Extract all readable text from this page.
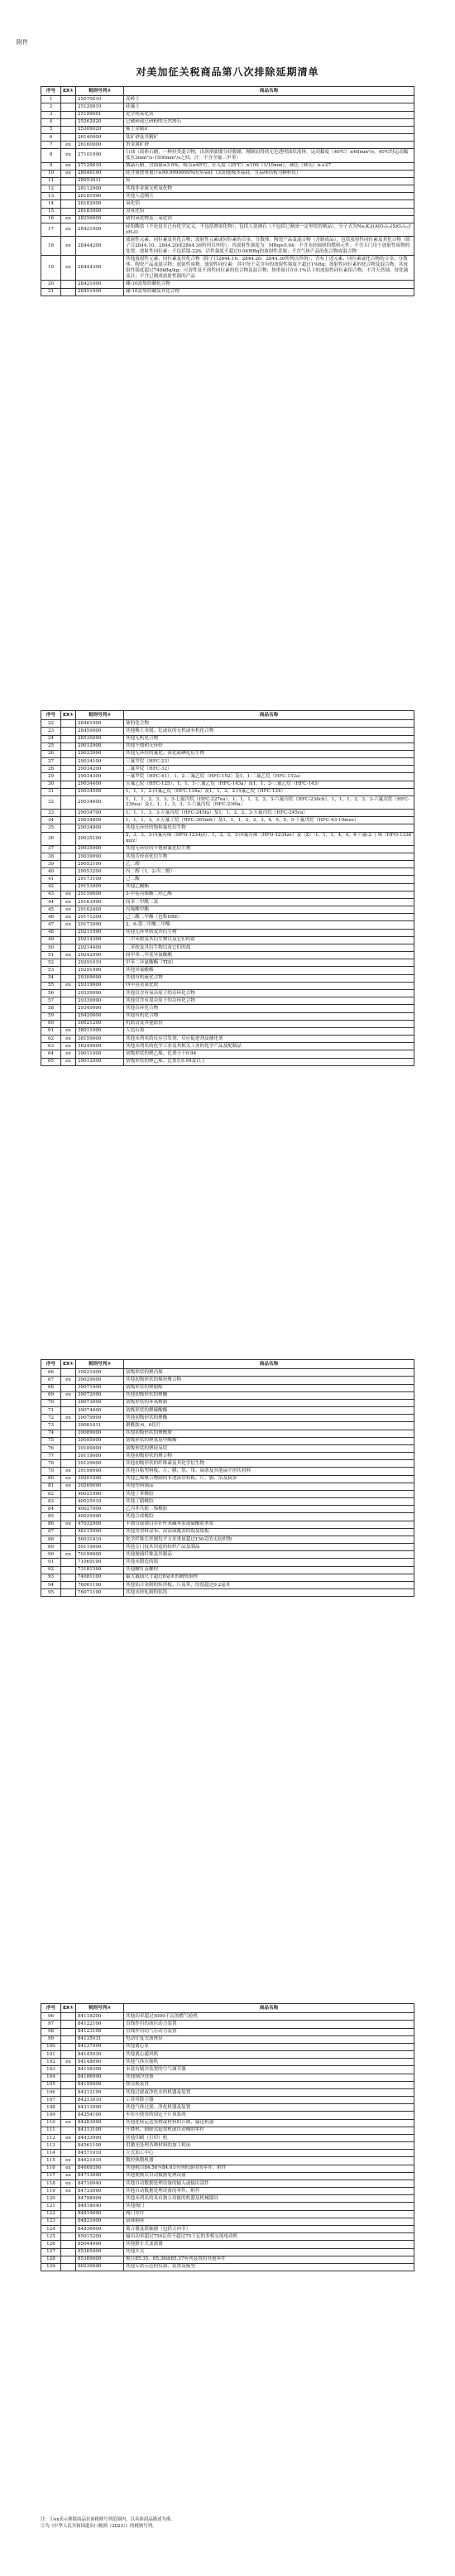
附件
对美加征关税商品第八次排除延期清单
序号	EX①	税则号列②	商品名称
1		25070010	高岭土
2		25120010	硅藻土
3		25199091	化学纯氧化镁
4		25262020	已破碎或已研粉的天然滑石
5		25309020	稀土金属矿
6		26140000	钛矿砂及其精矿
7	ex	26160000	贵金属矿砂
8	ex	27101990	白油（液体石蜡，一种烃类混合物，由润滑油馏分经脱蜡、精制而得的无色透明油状液体，运动黏度（40℃）≥68mm²/s，40℃时运动黏度在3mm²/s-1500mm²/s之间，注：不含全氟二甲苯）
9	ex	27129010	微晶石蜡，含油量≤3.0%，熔点≥65℃，针入度（25℃）≤100（1/10mm），颜色（赛氏）≥+27
10	ex	28046190	硅含量按重量计≥99.9999999%的多晶硅（太阳能级多晶硅，且晶体结构为颗粒状）
11		28053011	钕
12		28112900	其他非金属无机氧化物
13		28181090	其他人造刚玉
14		28182000	氧化铝
15		28183000	氢氧化铝
16	ex	28256000	锗的氧化物及二氧化锆
17	ex	28421000	硅铝酸盐（不论是否已有化学定义，不包括叠氮化物），包括人造沸石（不包括已制成一定形状的制品），分子式为NaₓKᵧ[(AlO₂)₁₂(SiO₂)₁₂]·zH₂O
18	ex	28444200	放射性元素、同位素及其化合物；放射性元素或同位素的合金、分散体、陶瓷产品及混合物（含制成品），包括放射性同位素及其化合物（除子目2844.10、2844.20或2844.30所列以外的），其放射性强度为：MBq≥0.04；不含未经辐照的燃料元件；不含专门用于放射性废物的处置。放射性同位素：不包括镭-226，活性强度不超过0.04MBq的放射性金属；不含气体产品的化合物或混合物
19	ex	28444300	其他放射性元素、同位素及其化合物（除子目2844.10、2844.20、2844.30所列以外的）；含有上述元素、同位素或化合物的合金、分散体、陶瓷产品及混合物；放射性废物。放射性同位素：其中每千克含有的放射性强度不超过1%Bq；放射性同位素的化合物及混合物，其放射性强度超过740kBq/kg；可溶性及不溶性同位素的化合物及混合物；按重量计在0.1%以下的放射性同位素组合物；不含天然铀、贫化铀及钍；不含已制成放射性源的产品
20		28421000	硼-10富集的硼化合物
21		28451000	硼-10富集的硼及其化合物
序号	EX①	税则号列②	商品名称
22		28461000	铈的化合物
23		28459000	其他稀土金属、钇或钪的无机或有机化合物
24		28530090	其他无机化合物
25		29012900	其他不饱和无环烃
26		29033990	其他无环烃的氟化、溴化或碘化衍生物
27		29034100	三氟甲烷（HFC-23）
28		29034200	二氟甲烷（HFC-32）
29		29034300	一氟甲烷（HFC-41），1，2-二氟乙烷（HFC-152）及1，1-二氟乙烷（HFC-152a）
30		29034400	五氟乙烷（HFC-125），1，1，1-三氟乙烷（HFC-143a）及1，1，2-三氟乙烷（HFC-143）
31		29034500	1，1，1，2-四氟乙烷（HFC-134a）及1，1，2，2-四氟乙烷（HFC-134）
32		29034600	1，1，1，2，3，3，3-七氟丙烷（HFC-227ea），1，1，1，2，2，3-六氟丙烷（HFC-236cb），1，1，1，2，3，3-六氟丙烷（HFC-236ea）及1，1，1，3，3，3-六氟丙烷（HFC-236fa）
33		29034700	1，1，1，3，3-五氟丙烷（HFC-245fa）及1，1，2，2，3-五氟丙烷（HFC-245ca）
34		29034800	1，1，1，3，3-五氟丁烷（HFC-365mfc）及1，1，1，2，2，3，4，5，5，5-十氟戊烷（HFC-43-10mee）
35		29034900	其他无环烃的饱和氟化衍生物
36		29035100	2，3，3，3-四氟丙烯（HFO-1234yf），1，3，3，3-四氟丙烯（HFO-1234ze）及（Z）-1，1，1，4，4，4-六氟-2-丁烯（HFO-1336mzz）
37		29035900	其他无环烃的不饱和氟化衍生物
38		29039990	其他芳烃卤化衍生物
39		29053100	乙二醇
40		29053200	丙二醇（1，2-丙二醇）
41		29173100	己二酸
42		29153900	其他乙酸酯
43	ex	29159000	3-甲基丙烯酸二羟乙酯
44	ex	29163990	间苯二甲酰二氯
45	ex	29162400	丙烯酸甲酯
46	ex	29171200	己二酸二甲酯（也称DBE）
47	ex	29173990	2，6-萘二甲酸二甲酯
48		29211990	其他无环单胺及其衍生物
49		29214300	二甲苯胺及其衍生物以及它们的盐
50		29214400	二苯胺及其衍生物以及它们的盐
51	ex	29242990	间甲苯二甲基异氰酸酯
52		29291010	甲苯二异氰酸酯（TDI）
53		29291090	其他异氰酸酯
54		29309090	其他有机硫化合物
55	ex	29319000	四甲基氢氧化铵
56		29329990	其他仅含有氧杂原子的杂环化合物
57		29339990	其他仅含有氮杂原子的杂环化合物
58		29349990	其他杂环化合物
59		29420000	其他有机化合物
60		30021200	抗血清及其他血份
61	ex	38011000	人造石墨
62	ex	38159000	其他未列名的反应引发剂、反应促进剂及催化剂
63	ex	38249999	其他未列名的化学工业及其相关工业的化学产品及配制品
64	ex	39011000	初级形状的聚乙烯，比重小于0.94
65	ex	39012000	初级形状的聚乙烯，比重在0.94及以上
序号	EX①	税则号列②	商品名称
66		39021000	初级形状的聚丙烯
67	ex	39029000	其他初级形状的烯烃聚合物
68		39071000	初级形状的聚缩醛
69	ex	39072090	其他初级形状的聚醚
70		39073000	初级形状的环氧树脂
71		39074000	初级形状的聚碳酸酯
72	ex	39079999	其他初级形状的聚酯
73		39081011	聚酰胺-6，6切片
74		39089000	其他初级形状的聚酰胺
75		39095000	初级形状的聚氨基甲酸酯
76		39100000	初级形状的聚硅氧烷
77		39119000	其他初级形状的聚合物
78		39129000	其他初级形状的纤维素及其化学衍生物
79	ex	39199090	其他自粘塑料板、片、膜、箔、带、扁条及其他扁平形状材料
80	ex	39201090	其他乙烯聚合物制的非泡沫塑料板、片、膜、箔及扁条
81	ex	39269090	其他塑料制品
82		40021990	其他丁苯橡胶
83		40025910	其他丁腈橡胶
84		40027000	乙丙非共轭二烯橡胶
85		40029990	其他合成橡胶
86	ex	47032900	半漂白或漂白非针叶木碱木浆或硫酸盐木浆
87		48115990	其他用塑料涂布、浸渍或覆盖的纸及纸板
88		56031410	化学纤维长丝制每平方米重量超过150克的无纺织物
89		59119000	其他专门技术用途的纺织产品及制品
90	ex	70199000	其他玻璃纤维及其制品
91		71069190	其他未锻造的银
92		73181590	其他螺钉及螺栓
93		74081100	最大截面尺寸超过6毫米的精炼铜丝
94		76061190	其他铝合金制的矩形板、片及带，厚度超过0.2毫米
95		76071190	其他未经轧制的铝箔
序号	EX①	税则号列②	商品名称
96		84118200	其他功率超过5000千瓦的燃气轮机
97		84122100	直线作用的液压动力装置
98		84123100	直线作用的气压动力装置
99		84135031	电动往复式液体泵
100		84137099	其他离心泵
101		84145930	其他离心通风机
102	ex	84148090	其他气体压缩机
103		84158300	未装有制冷装置的空气调节器
104		84186990	其他制冷设备
105		84195000	热交换装置
106		84212199	其他过滤或净化水的机器及装置
107		84213910	工业用除尘器
108		84213990	其他气体过滤、净化机器及装置
109		84254100	车库中使用的固定千斤顶系统
110	ex	84283990	其他连续运送货物或材料的升降、输送机器
111		84313100	升降机、倒卸式起重机或自动梯的零件
112	ex	84433990	其他印刷（打印）机
113		84561100	用激光处理各种材料的加工机床
114		84571010	立式加工中心
115	ex	84621910	数控热锻机器
116	ex	84669390	其他税目84.56至84.61所列机器用的零件、附件
117	ex	84713090	其他便携式自动数据处理设备
118	ex	84716040	其他自动数据处理设备的输入或输出部件
119	ex	84733090	其他自动数据处理设备的零件、附件
120		84798999	其他未列名的具有独立功能的机器及机械器具
121		84818040	其他阀门
122		84819090	阀门零件
123		84821000	滚珠轴承
124		84836000	离合器及联轴器（包括万向节）
125		85015200	输出功率超过750瓦但不超过75千瓦的多相交流电动机
126		85044099	其他静止式变流器
127		85365000	其他开关
128		85389000	税目85.35、85.36或85.37所列装置的其他零件
129		90230090	其他专供示范的仪器、装置及模型
注：①ex表示排除商品在该税则号列范围内，以具体商品描述为准。
②为《中华人民共和国进出口税则（2023）》的税则号列。
